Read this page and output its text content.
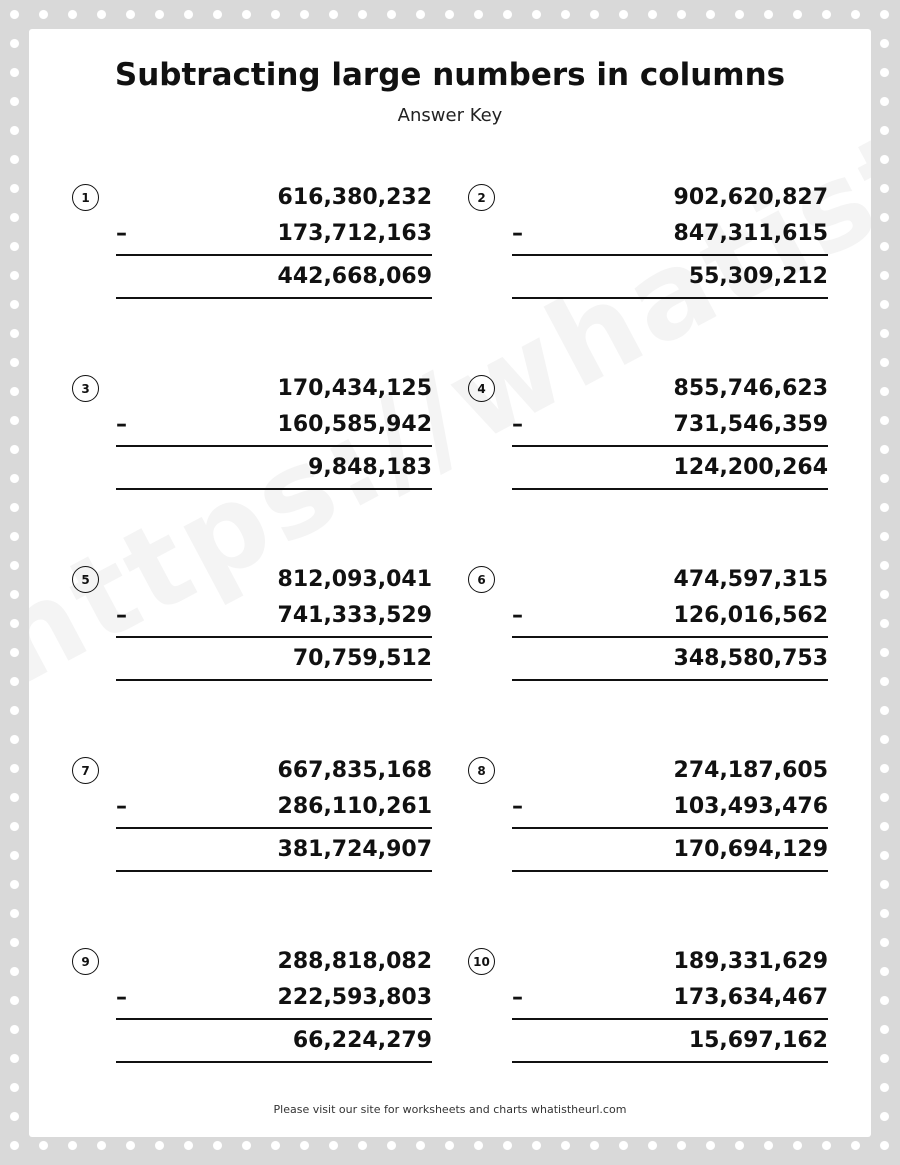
Subtracting large numbers in columns
Answer Key
1	616,380,232
–	173,712,163
442,668,069
2	902,620,827
–	847,311,615
55,309,212
3	170,434,125
–	160,585,942
9,848,183
4	855,746,623
–	731,546,359
124,200,264
5	812,093,041
–	741,333,529
70,759,512
6	474,597,315
–	126,016,562
348,580,753
7	667,835,168
–	286,110,261
381,724,907
8	274,187,605
–	103,493,476
170,694,129
9	288,818,082
–	222,593,803
66,224,279
10	189,331,629
–	173,634,467
15,697,162
Please visit our site for worksheets and charts whatistheurl.com
